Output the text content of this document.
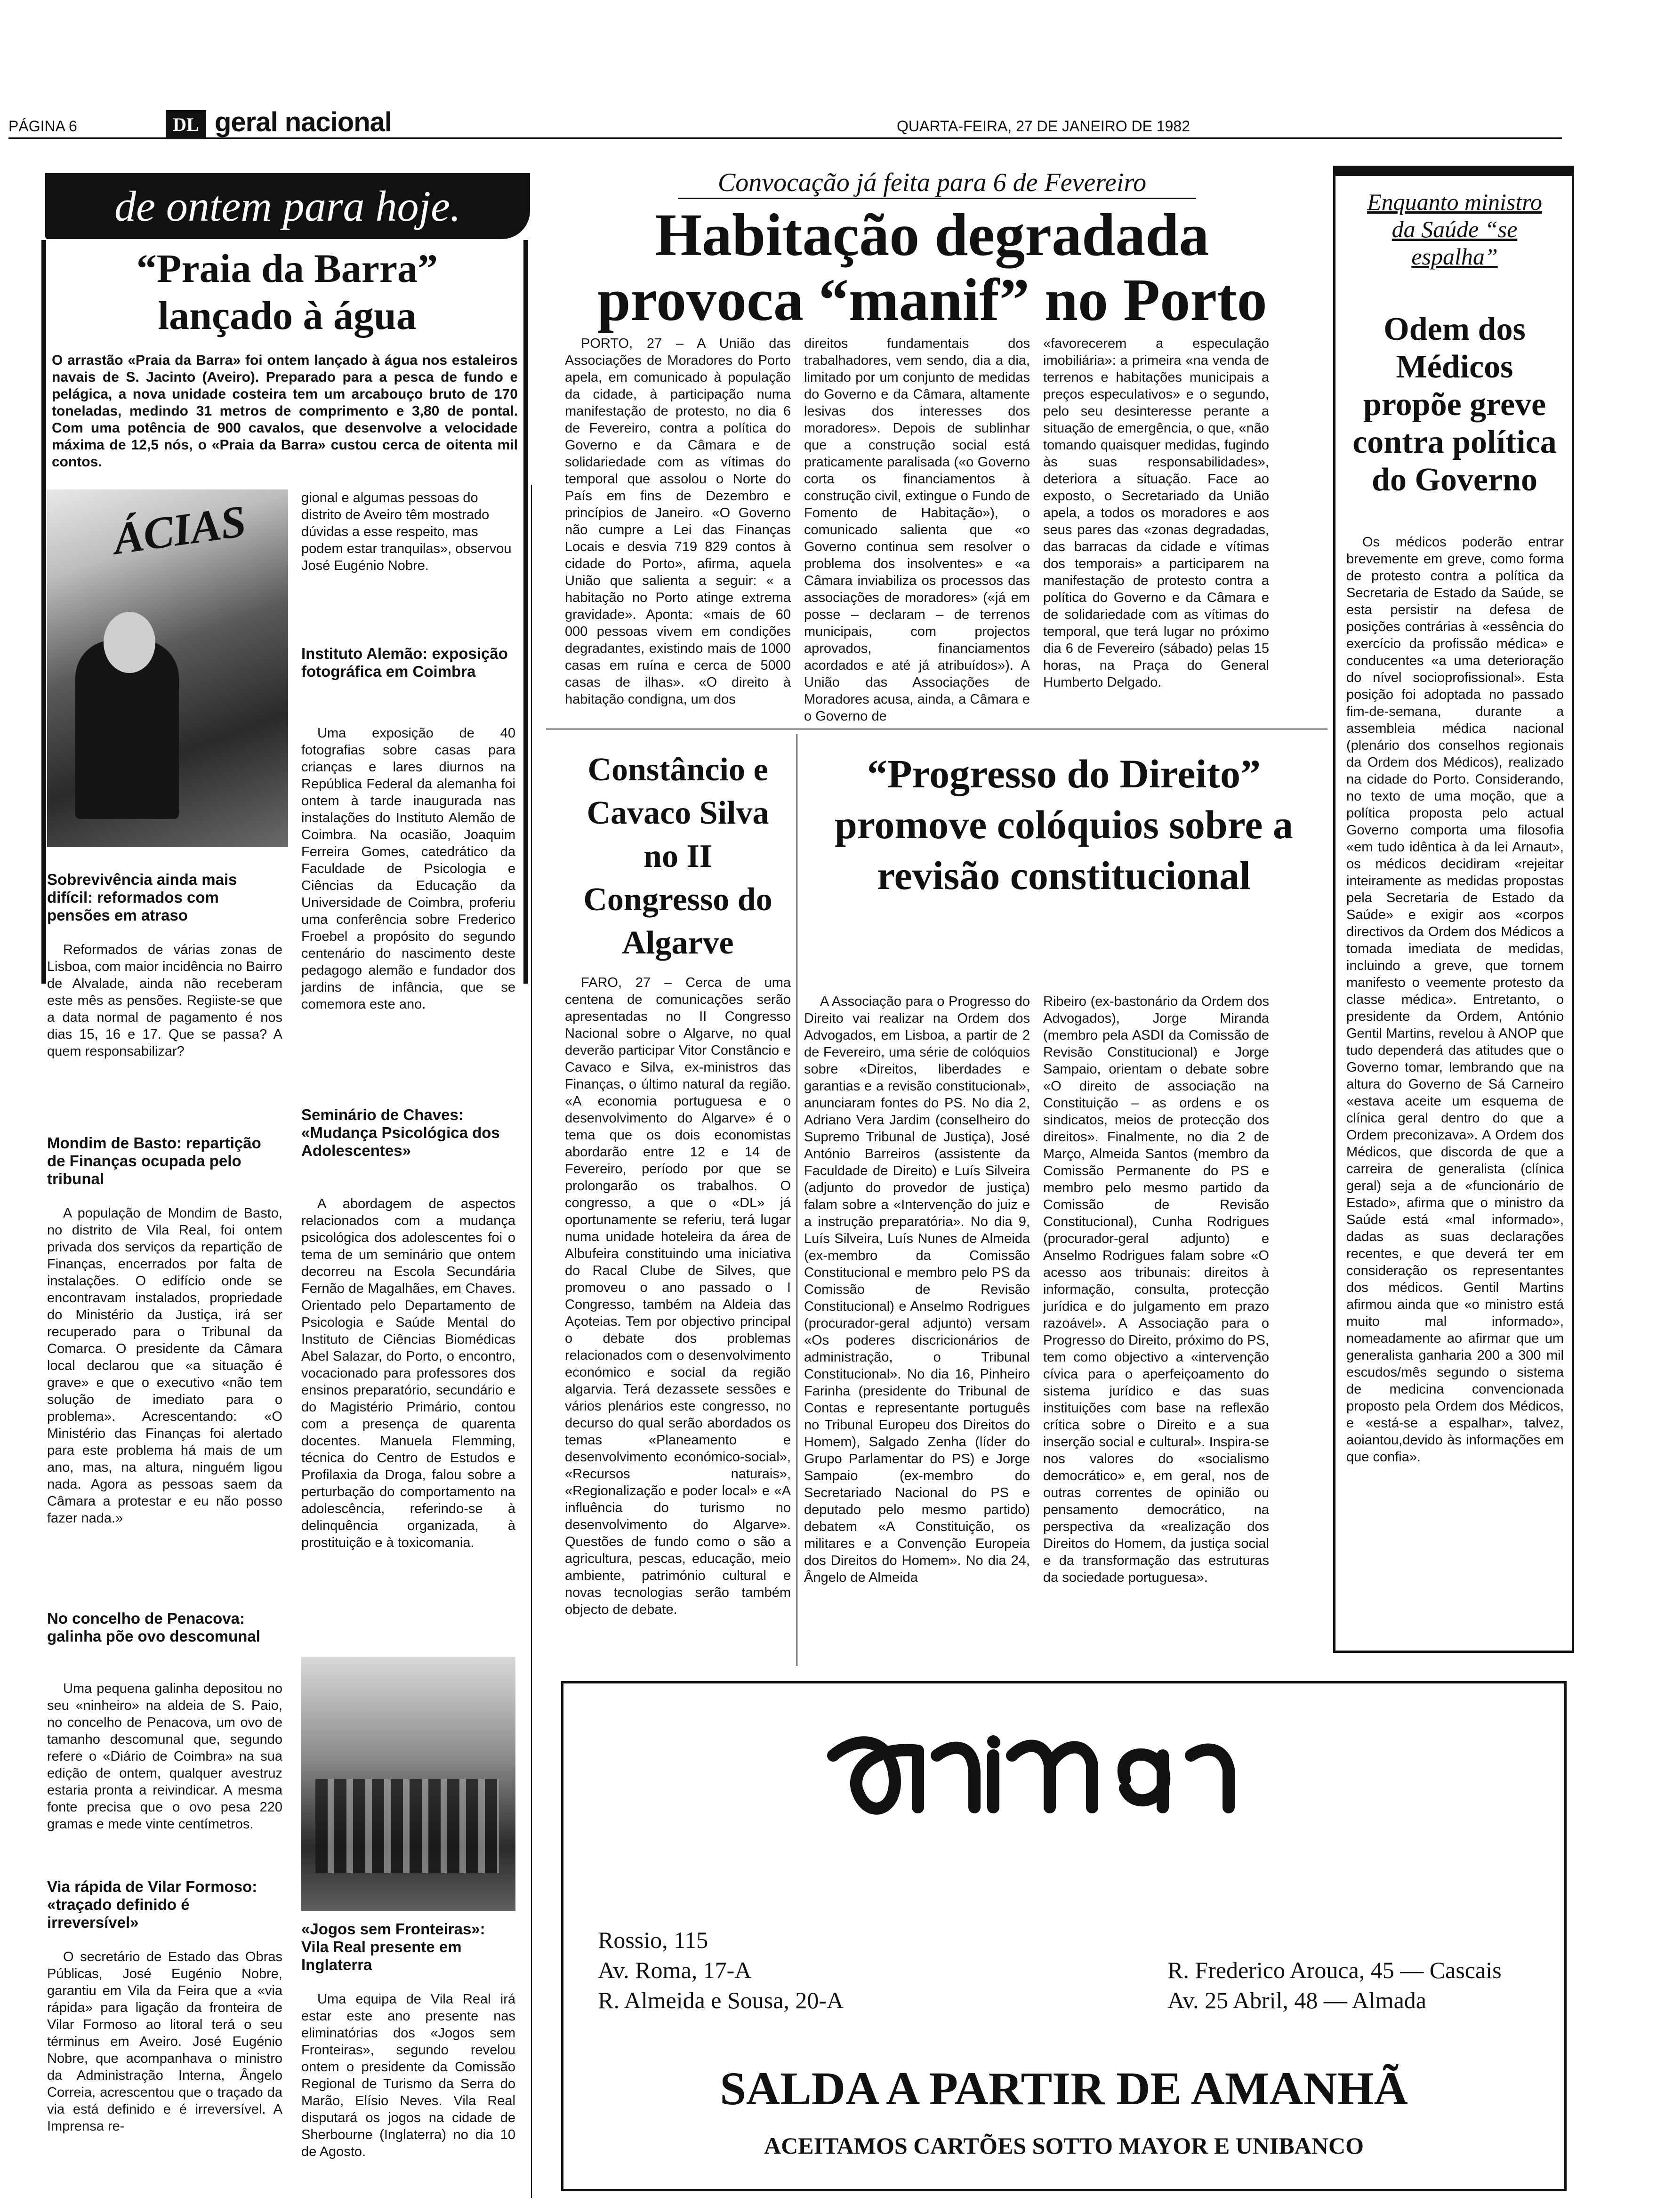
PÁGINA 6	DL geral nacional	QUARTA-FEIRA, 27 DE JANEIRO DE 1982
de ontem para hoje.
“Praia da Barra” lançado à água
O arrastão «Praia da Barra» foi ontem lançado à água nos estaleiros navais de S. Jacinto (Aveiro). Preparado para a pesca de fundo e pelágica, a nova unidade costeira tem um arcabouço bruto de 170 toneladas, medindo 31 metros de comprimento e 3,80 de pontal. Com uma potência de 900 cavalos, que desenvolve a velocidade máxima de 12,5 nós, o «Praia da Barra» custou cerca de oitenta mil contos.
ÁCIAS	gional e algumas pessoas do distrito de Aveiro têm mostrado dúvidas a esse respeito, mas podem estar tranquilas», observou José Eugénio Nobre.
Sobrevivência ainda mais difícil: reformados com pensões em atraso

Reformados de várias zonas de Lisboa, com maior incidência no Bairro de Alvalade, ainda não receberam este mês as pensões. Regiiste-se que a data normal de pagamento é nos dias 15, 16 e 17. Que se passa? A quem responsabilizar?

Mondim de Basto: repartição de Finanças ocupada pelo tribunal

A população de Mondim de Basto, no distrito de Vila Real, foi ontem privada dos serviços da repartição de Finanças, encerrados por falta de instalações. O edifício onde se encontravam instalados, propriedade do Ministério da Justiça, irá ser recuperado para o Tribunal da Comarca. O presidente da Câmara local declarou que «a situação é grave» e que o executivo «não tem solução de imediato para o problema». Acrescentando: «O Ministério das Finanças foi alertado para este problema há mais de um ano, mas, na altura, ninguém ligou nada. Agora as pessoas saem da Câmara a protestar e eu não posso fazer nada.»

No concelho de Penacova: galinha põe ovo descomunal

Uma pequena galinha depositou no seu «ninheiro» na aldeia de S. Paio, no concelho de Penacova, um ovo de tamanho descomunal que, segundo refere o «Diário de Coimbra» na sua edição de ontem, qualquer avestruz estaria pronta a reivindicar. A mesma fonte precisa que o ovo pesa 220 gramas e mede vinte centímetros.

Via rápida de Vilar Formoso: «traçado definido é irreversível»

O secretário de Estado das Obras Públicas, José Eugénio Nobre, garantiu em Vila da Feira que a «via rápida» para ligação da fronteira de Vilar Formoso ao litoral terá o seu términus em Aveiro. José Eugénio Nobre, que acompanhava o ministro da Administração Interna, Ângelo Correia, acrescentou que o traçado da via está definido e é irreversível. A Imprensa re-

Instituto Alemão: exposição fotográfica em Coimbra

Uma exposição de 40 fotografias sobre casas para crianças e lares diurnos na República Federal da alemanha foi ontem à tarde inaugurada nas instalações do Instituto Alemão de Coimbra. Na ocasião, Joaquim Ferreira Gomes, catedrático da Faculdade de Psicologia e Ciências da Educação da Universidade de Coimbra, proferiu uma conferência sobre Frederico Froebel a propósito do segundo centenário do nascimento deste pedagogo alemão e fundador dos jardins de infância, que se comemora este ano.

Seminário de Chaves: «Mudança Psicológica dos Adolescentes»

A abordagem de aspectos relacionados com a mudança psicológica dos adolescentes foi o tema de um seminário que ontem decorreu na Escola Secundária Fernão de Magalhães, em Chaves. Orientado pelo Departamento de Psicologia e Saúde Mental do Instituto de Ciências Biomédicas Abel Salazar, do Porto, o encontro, vocacionado para professores dos ensinos preparatório, secundário e do Magistério Primário, contou com a presença de quarenta docentes. Manuela Flemming, técnica do Centro de Estudos e Profilaxia da Droga, falou sobre a perturbação do comportamento na adolescência, referindo-se à delinquência organizada, à prostituição e à toxicomania.

«Jogos sem Fronteiras»: Vila Real presente em Inglaterra

Uma equipa de Vila Real irá estar este ano presente nas eliminatórias dos «Jogos sem Fronteiras», segundo revelou ontem o presidente da Comissão Regional de Turismo da Serra do Marão, Elísio Neves. Vila Real disputará os jogos na cidade de Sherbourne (Inglaterra) no dia 10 de Agosto.

Convocação já feita para 6 de Fevereiro
Habitação degradada provoca “manif” no Porto

PORTO, 27 – A União das Associações de Moradores do Porto apela, em comunicado à população da cidade, à participação numa manifestação de protesto, no dia 6 de Fevereiro, contra a política do Governo e da Câmara e de solidariedade com as vítimas do temporal que assolou o Norte do País em fins de Dezembro e princípios de Janeiro. «O Governo não cumpre a Lei das Finanças Locais e desvia 719 829 contos à cidade do Porto», afirma, aquela União que salienta a seguir: « a habitação no Porto atinge extrema gravidade». Aponta: «mais de 60 000 pessoas vivem em condições degradantes, existindo mais de 1000 casas em ruína e cerca de 5000 casas de ilhas». «O direito à habitação condigna, um dos

direitos fundamentais dos trabalhadores, vem sendo, dia a dia, limitado por um conjunto de medidas do Governo e da Câmara, altamente lesivas dos interesses dos moradores». Depois de sublinhar que a construção social está praticamente paralisada («o Governo corta os financiamentos à construção civil, extingue o Fundo de Fomento de Habitação»), o comunicado salienta que «o Governo continua sem resolver o problema dos insolventes» e «a Câmara inviabiliza os processos das associações de moradores» («já em posse – declaram – de terrenos municipais, com projectos aprovados, financiamentos acordados e até já atribuídos»). A União das Associações de Moradores acusa, ainda, a Câmara e o Governo de

«favorecerem a especulação imobiliária»: a primeira «na venda de terrenos e habitações municipais a preços especulativos» e o segundo, pelo seu desinteresse perante a situação de emergência, o que, «não tomando quaisquer medidas, fugindo às suas responsabilidades», deteriora a situação. Face ao exposto, o Secretariado da União apela, a todos os moradores e aos seus pares das «zonas degradadas, das barracas da cidade e vítimas dos temporais» a participarem na manifestação de protesto contra a política do Governo e da Câmara e de solidariedade com as vítimas do temporal, que terá lugar no próximo dia 6 de Fevereiro (sábado) pelas 15 horas, na Praça do General Humberto Delgado.

Constâncio e Cavaco Silva no II Congresso do Algarve

FARO, 27 – Cerca de uma centena de comunicações serão apresentadas no II Congresso Nacional sobre o Algarve, no qual deverão participar Vitor Constâncio e Cavaco e Silva, ex-ministros das Finanças, o último natural da região. «A economia portuguesa e o desenvolvimento do Algarve» é o tema que os dois economistas abordarão entre 12 e 14 de Fevereiro, período por que se prolongarão os trabalhos. O congresso, a que o «DL» já oportunamente se referiu, terá lugar numa unidade hoteleira da área de Albufeira constituindo uma iniciativa do Racal Clube de Silves, que promoveu o ano passado o I Congresso, também na Aldeia das Açoteias. Tem por objectivo principal o debate dos problemas relacionados com o desenvolvimento económico e social da região algarvia. Terá dezassete sessões e vários plenários este congresso, no decurso do qual serão abordados os temas «Planeamento e desenvolvimento económico-social», «Recursos naturais», «Regionalização e poder local» e «A influência do turismo no desenvolvimento do Algarve». Questões de fundo como o são a agricultura, pescas, educação, meio ambiente, património cultural e novas tecnologias serão também objecto de debate.

“Progresso do Direito” promove colóquios sobre a revisão constitucional

A Associação para o Progresso do Direito vai realizar na Ordem dos Advogados, em Lisboa, a partir de 2 de Fevereiro, uma série de colóquios sobre «Direitos, liberdades e garantias e a revisão constitucional», anunciaram fontes do PS. No dia 2, Adriano Vera Jardim (conselheiro do Supremo Tribunal de Justiça), José António Barreiros (assistente da Faculdade de Direito) e Luís Silveira (adjunto do provedor de justiça) falam sobre a «Intervenção do juiz e a instrução preparatória». No dia 9, Luís Silveira, Luís Nunes de Almeida (ex-membro da Comissão Constitucional e membro pelo PS da Comissão de Revisão Constitucional) e Anselmo Rodrigues (procurador-geral adjunto) versam «Os poderes discricionários de administração, o Tribunal Constitucional». No dia 16, Pinheiro Farinha (presidente do Tribunal de Contas e representante português no Tribunal Europeu dos Direitos do Homem), Salgado Zenha (líder do Grupo Parlamentar do PS) e Jorge Sampaio (ex-membro do Secretariado Nacional do PS e deputado pelo mesmo partido) debatem «A Constituição, os militares e a Convenção Europeia dos Direitos do Homem». No dia 24, Ângelo de Almeida

Ribeiro (ex-bastonário da Ordem dos Advogados), Jorge Miranda (membro pela ASDI da Comissão de Revisão Constitucional) e Jorge Sampaio, orientam o debate sobre «O direito de associação na Constituição – as ordens e os sindicatos, meios de protecção dos direitos». Finalmente, no dia 2 de Março, Almeida Santos (membro da Comissão Permanente do PS e membro pelo mesmo partido da Comissão de Revisão Constitucional), Cunha Rodrigues (procurador-geral adjunto) e Anselmo Rodrigues falam sobre «O acesso aos tribunais: direitos à informação, consulta, protecção jurídica e do julgamento em prazo razoável». A Associação para o Progresso do Direito, próximo do PS, tem como objectivo a «intervenção cívica para o aperfeiçoamento do sistema jurídico e das suas instituições com base na reflexão crítica sobre o Direito e a sua inserção social e cultural». Inspira-se nos valores do «socialismo democrático» e, em geral, nos de outras correntes de opinião ou pensamento democrático, na perspectiva da «realização dos Direitos do Homem, da justiça social e da transformação das estruturas da sociedade portuguesa».

Enquanto ministro da Saúde “se espalha”
Odem dos Médicos propõe greve contra política do Governo

Os médicos poderão entrar brevemente em greve, como forma de protesto contra a política da Secretaria de Estado da Saúde, se esta persistir na defesa de posições contrárias à «essência do exercício da profissão médica» e conducentes «a uma deterioração do nível socioprofissional». Esta posição foi adoptada no passado fim-de-semana, durante a assembleia médica nacional (plenário dos conselhos regionais da Ordem dos Médicos), realizado na cidade do Porto. Considerando, no texto de uma moção, que a política proposta pelo actual Governo comporta uma filosofia «em tudo idêntica à da lei Arnaut», os médicos decidiram «rejeitar inteiramente as medidas propostas pela Secretaria de Estado da Saúde» e exigir aos «corpos directivos da Ordem dos Médicos a tomada imediata de medidas, incluindo a greve, que tornem manifesto o veemente protesto da classe médica». Entretanto, o presidente da Ordem, António Gentil Martins, revelou à ANOP que tudo dependerá das atitudes que o Governo tomar, lembrando que na altura do Governo de Sá Carneiro «estava aceite um esquema de clínica geral dentro do que a Ordem preconizava». A Ordem dos Médicos, que discorda de que a carreira de generalista (clínica geral) seja a de «funcionário de Estado», afirma que o ministro da Saúde está «mal informado», dadas as suas declarações recentes, e que deverá ter em consideração os representantes dos médicos. Gentil Martins afirmou ainda que «o ministro está muito mal informado», nomeadamente ao afirmar que um generalista ganharia 200 a 300 mil escudos/mês segundo o sistema de medicina convencionada proposto pela Ordem dos Médicos, e «está-se a espalhar», talvez, aoiantou,devido às informações em que confia».

Primar
Rossio, 115
Av. Roma, 17-A
R. Almeida e Sousa, 20-A
R. Frederico Arouca, 45 — Cascais
Av. 25 Abril, 48 — Almada
SALDA A PARTIR DE AMANHÃ
ACEITAMOS CARTÕES SOTTO MAYOR E UNIBANCO
